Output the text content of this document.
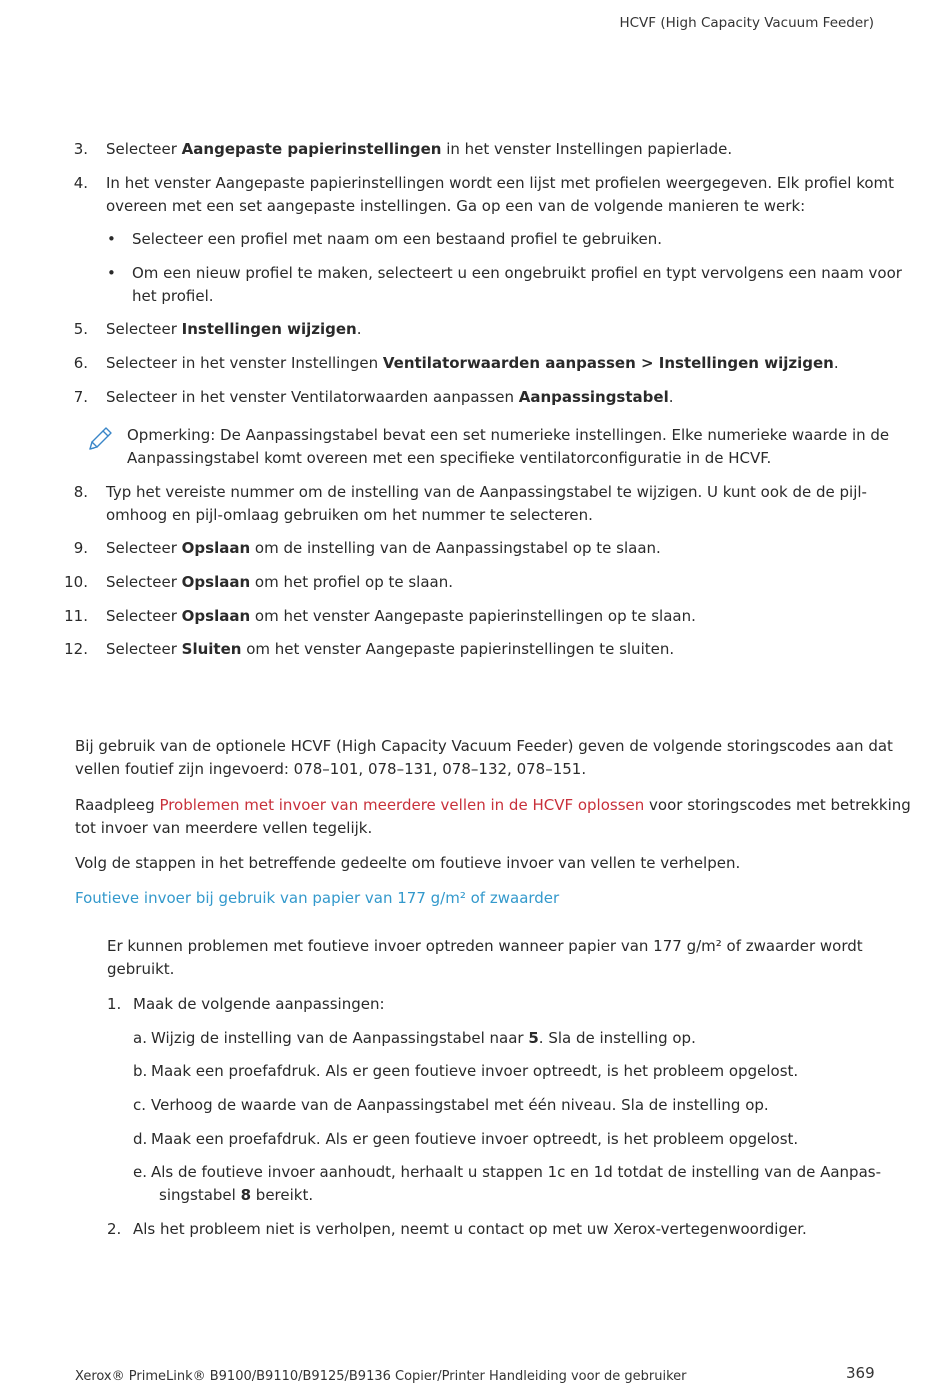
HCVF (High Capacity Vacuum Feeder)
3. Selecteer Aangepaste papierinstellingen in het venster Instellingen papierlade.
4. In het venster Aangepaste papierinstellingen wordt een lijst met profielen weergegeven. Elk profiel komt
overeen met een set aangepaste instellingen. Ga op een van de volgende manieren te werk:
• Selecteer een profiel met naam om een bestaand profiel te gebruiken.
• Om een nieuw profiel te maken, selecteert u een ongebruikt profiel en typt vervolgens een naam voor
het profiel.
5. Selecteer Instellingen wijzigen.
6. Selecteer in het venster Instellingen Ventilatorwaarden aanpassen > Instellingen wijzigen.
7. Selecteer in het venster Ventilatorwaarden aanpassen Aanpassingstabel.
Opmerking: De Aanpassingstabel bevat een set numerieke instellingen. Elke numerieke waarde in de
Aanpassingstabel komt overeen met een specifieke ventilatorconfiguratie in de HCVF.
8. Typ het vereiste nummer om de instelling van de Aanpassingstabel te wijzigen. U kunt ook de de pijl-
omhoog en pijl-omlaag gebruiken om het nummer te selecteren.
9. Selecteer Opslaan om de instelling van de Aanpassingstabel op te slaan.
10. Selecteer Opslaan om het profiel op te slaan.
11. Selecteer Opslaan om het venster Aangepaste papierinstellingen op te slaan.
12. Selecteer Sluiten om het venster Aangepaste papierinstellingen te sluiten.
Bij gebruik van de optionele HCVF (High Capacity Vacuum Feeder) geven de volgende storingscodes aan dat
vellen foutief zijn ingevoerd: 078–101, 078–131, 078–132, 078–151.
Raadpleeg Problemen met invoer van meerdere vellen in de HCVF oplossen voor storingscodes met betrekking
tot invoer van meerdere vellen tegelijk.
Volg de stappen in het betreffende gedeelte om foutieve invoer van vellen te verhelpen.
Foutieve invoer bij gebruik van papier van 177 g/m² of zwaarder
Er kunnen problemen met foutieve invoer optreden wanneer papier van 177 g/m² of zwaarder wordt
gebruikt.
1. Maak de volgende aanpassingen:
a. Wijzig de instelling van de Aanpassingstabel naar 5. Sla de instelling op.
b. Maak een proefafdruk. Als er geen foutieve invoer optreedt, is het probleem opgelost.
c. Verhoog de waarde van de Aanpassingstabel met één niveau. Sla de instelling op.
d. Maak een proefafdruk. Als er geen foutieve invoer optreedt, is het probleem opgelost.
e. Als de foutieve invoer aanhoudt, herhaalt u stappen 1c en 1d totdat de instelling van de Aanpas-
singstabel 8 bereikt.
2. Als het probleem niet is verholpen, neemt u contact op met uw Xerox-vertegenwoordiger.
Xerox® PrimeLink® B9100/B9110/B9125/B9136 Copier/Printer Handleiding voor de gebruiker	369
